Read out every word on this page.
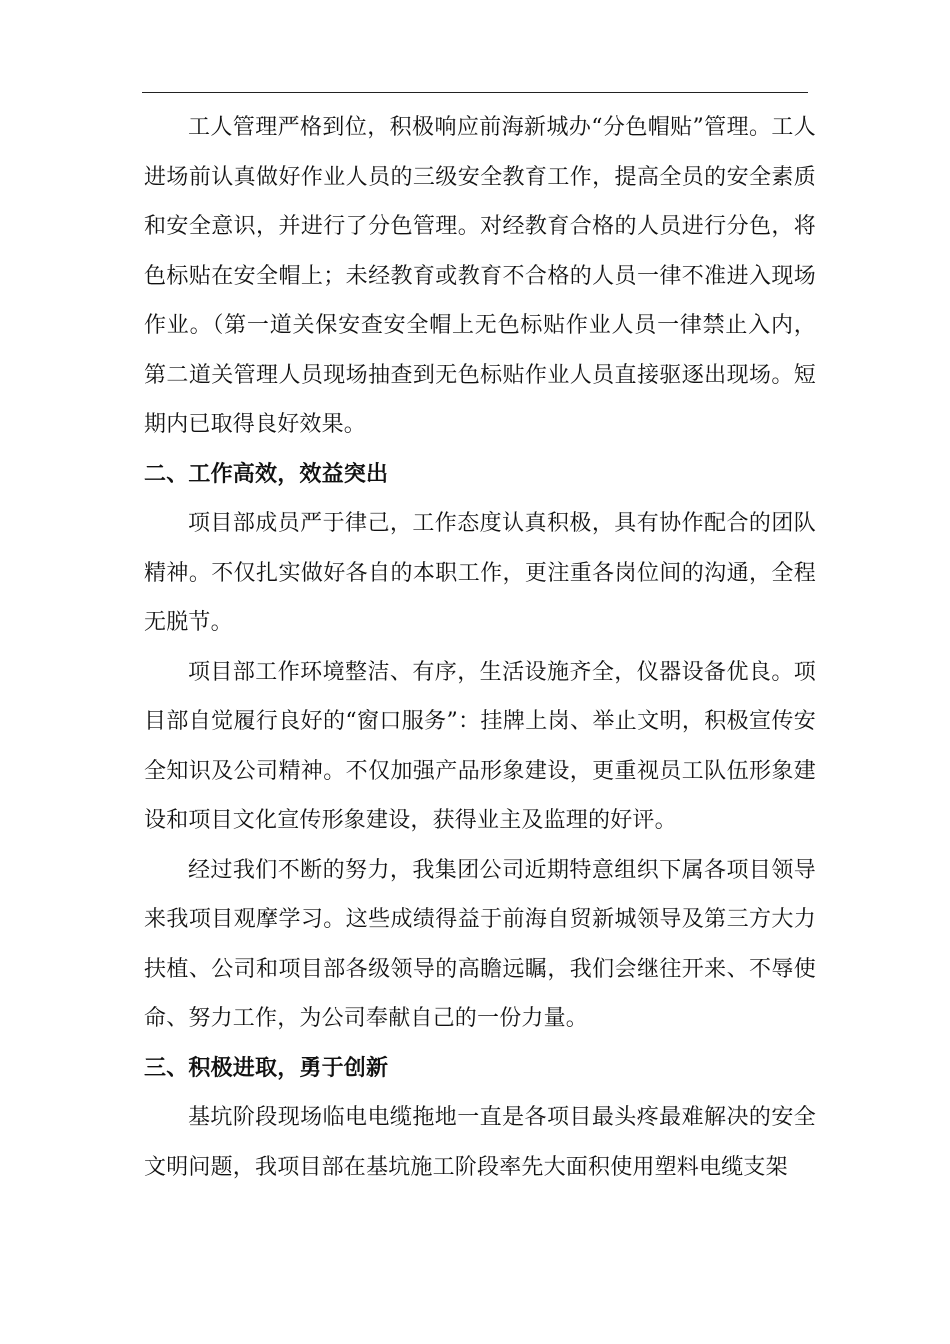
工人管理严格到位，积极响应前海新城办“分色帽贴”管理。工人进场前认真做好作业人员的三级安全教育工作，提高全员的安全素质和安全意识，并进行了分色管理。对经教育合格的人员进行分色，将色标贴在安全帽上；未经教育或教育不合格的人员一律不准进入现场作业。（第一道关保安查安全帽上无色标贴作业人员一律禁止入内，第二道关管理人员现场抽查到无色标贴作业人员直接驱逐出现场。短期内已取得良好效果。

二、工作高效，效益突出

项目部成员严于律己，工作态度认真积极，具有协作配合的团队精神。不仅扎实做好各自的本职工作，更注重各岗位间的沟通，全程无脱节。

项目部工作环境整洁、有序，生活设施齐全，仪器设备优良。项目部自觉履行良好的“窗口服务”：挂牌上岗、举止文明，积极宣传安全知识及公司精神。不仅加强产品形象建设，更重视员工队伍形象建设和项目文化宣传形象建设，获得业主及监理的好评。

经过我们不断的努力，我集团公司近期特意组织下属各项目领导来我项目观摩学习。这些成绩得益于前海自贸新城领导及第三方大力扶植、公司和项目部各级领导的高瞻远瞩，我们会继往开来、不辱使命、努力工作，为公司奉献自己的一份力量。

三、积极进取，勇于创新

基坑阶段现场临电电缆拖地一直是各项目最头疼最难解决的安全文明问题，我项目部在基坑施工阶段率先大面积使用塑料电缆支架
